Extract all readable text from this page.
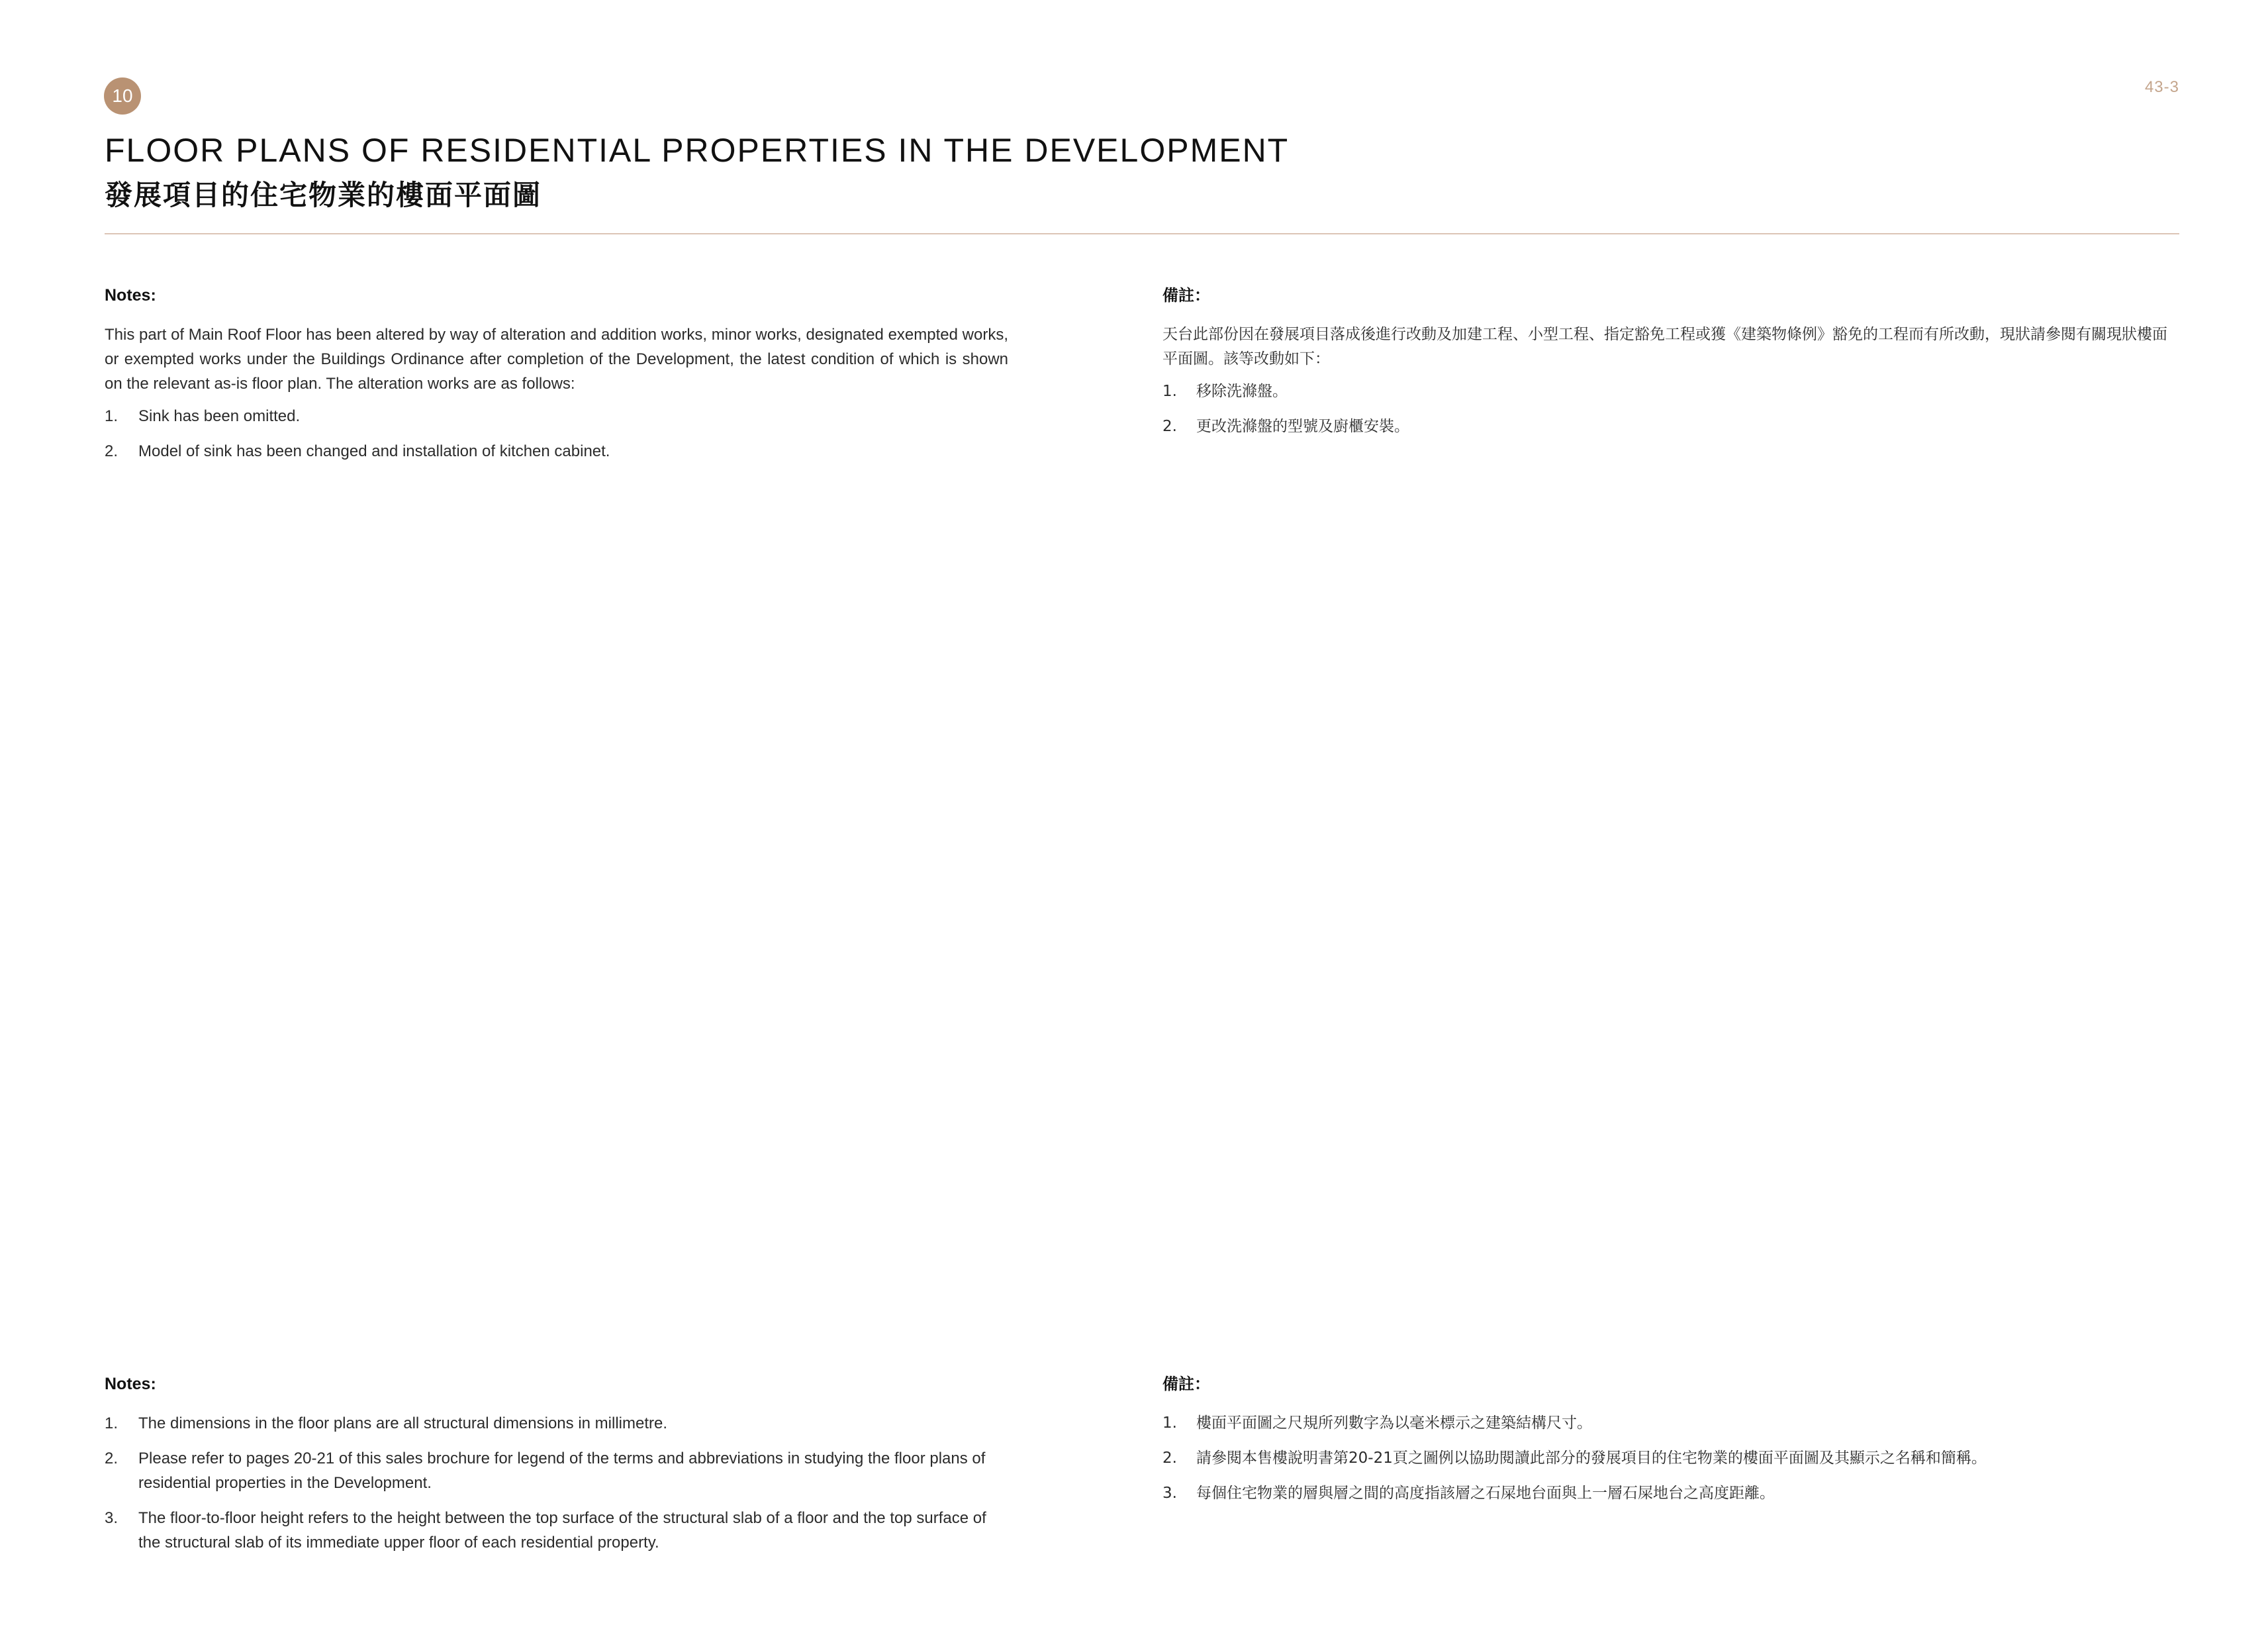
10	43-3
FLOOR PLANS OF RESIDENTIAL PROPERTIES IN THE DEVELOPMENT
發展項目的住宅物業的樓面平面圖
Notes:

This part of Main Roof Floor has been altered by way of alteration and addition works, minor works, designated exempted works, or exempted works under the Buildings Ordinance after completion of the Development, the latest condition of which is shown on the relevant as-is floor plan. The alteration works are as follows:

1. Sink has been omitted.
2. Model of sink has been changed and installation of kitchen cabinet.
備註：

天台此部份因在發展項目落成後進行改動及加建工程、小型工程、指定豁免工程或獲《建築物條例》豁免的工程而有所改動，現狀請參閱有關現狀樓面平面圖。該等改動如下：

1. 移除洗滌盤。
2. 更改洗滌盤的型號及廚櫃安裝。
Notes:
1. The dimensions in the floor plans are all structural dimensions in millimetre.
2. Please refer to pages 20-21 of this sales brochure for legend of the terms and abbreviations in studying the floor plans of residential properties in the Development.
3. The floor-to-floor height refers to the height between the top surface of the structural slab of a floor and the top surface of the structural slab of its immediate upper floor of each residential property.
備註：
1. 樓面平面圖之尺規所列數字為以毫米標示之建築結構尺寸。
2. 請參閱本售樓說明書第20-21頁之圖例以協助閱讀此部分的發展項目的住宅物業的樓面平面圖及其顯示之名稱和簡稱。
3. 每個住宅物業的層與層之間的高度指該層之石屎地台面與上一層石屎地台之高度距離。
